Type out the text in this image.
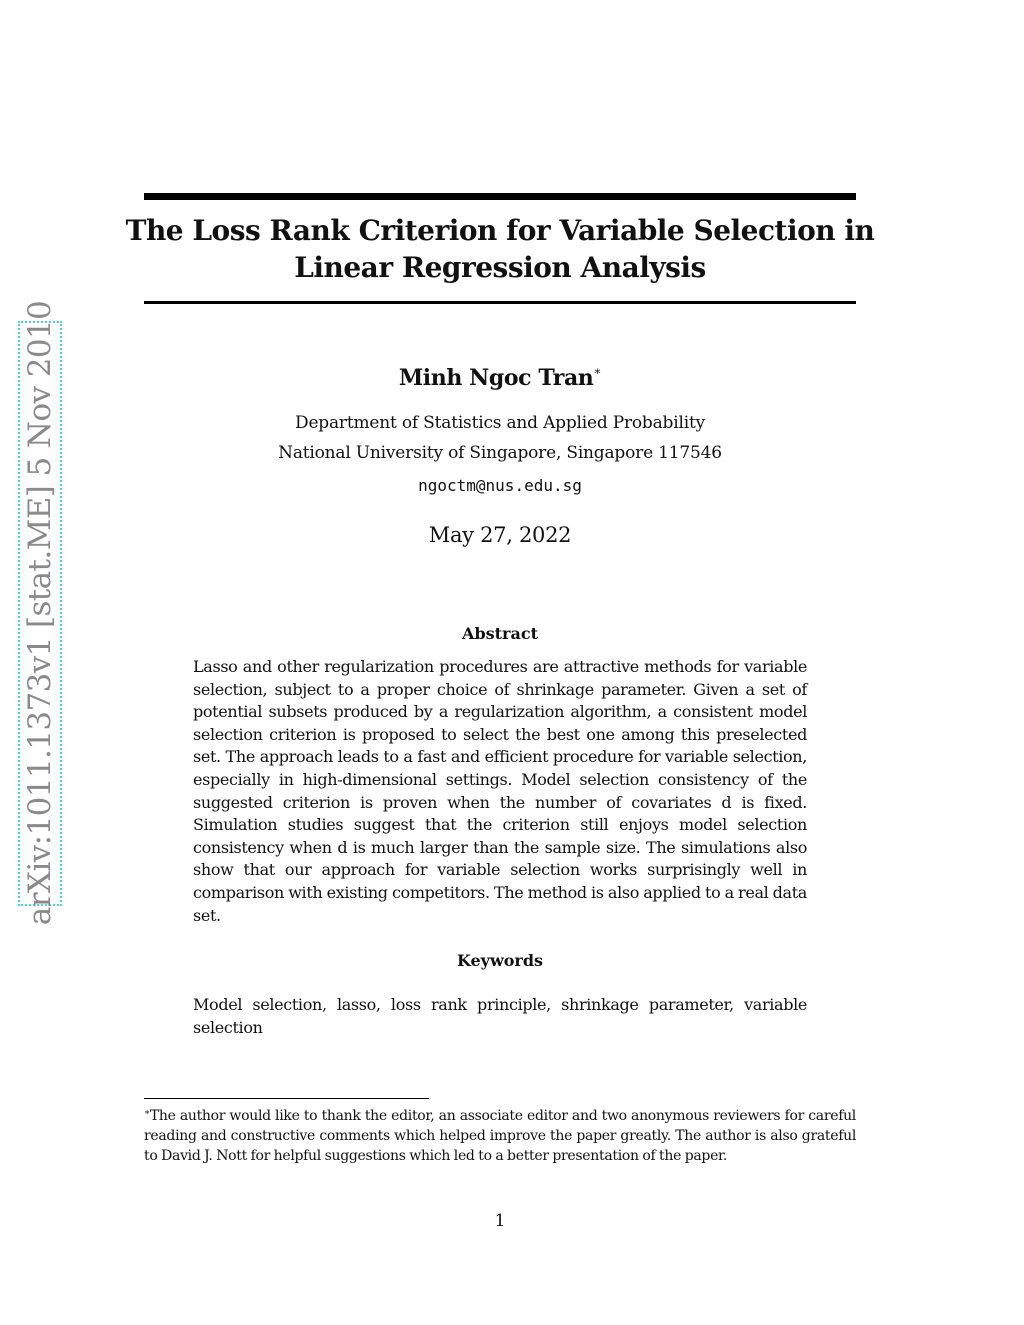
The Loss Rank Criterion for Variable Selection in
Linear Regression Analysis
Minh Ngoc Tran∗
Department of Statistics and Applied Probability
National University of Singapore, Singapore 117546
ngoctm@nus.edu.sg
May 27, 2022
Abstract
Lasso and other regularization procedures are attractive methods for variable selection, subject to a proper choice of shrinkage parameter. Given a set of potential subsets produced by a regularization algorithm, a consistent model selection criterion is proposed to select the best one among this preselected set. The approach leads to a fast and efficient procedure for variable selection, especially in high-dimensional settings. Model selection consistency of the suggested criterion is proven when the number of covariates d is fixed. Simulation studies suggest that the criterion still enjoys model selection consistency when d is much larger than the sample size. The simulations also show that our approach for variable selection works surprisingly well in comparison with existing competitors. The method is also applied to a real data set.
Keywords
Model selection, lasso, loss rank principle, shrinkage parameter, variable selection
∗The author would like to thank the editor, an associate editor and two anonymous reviewers for careful reading and constructive comments which helped improve the paper greatly. The author is also grateful to David J. Nott for helpful suggestions which led to a better presentation of the paper.
1
arXiv:1011.1373v1 [stat.ME] 5 Nov 2010
